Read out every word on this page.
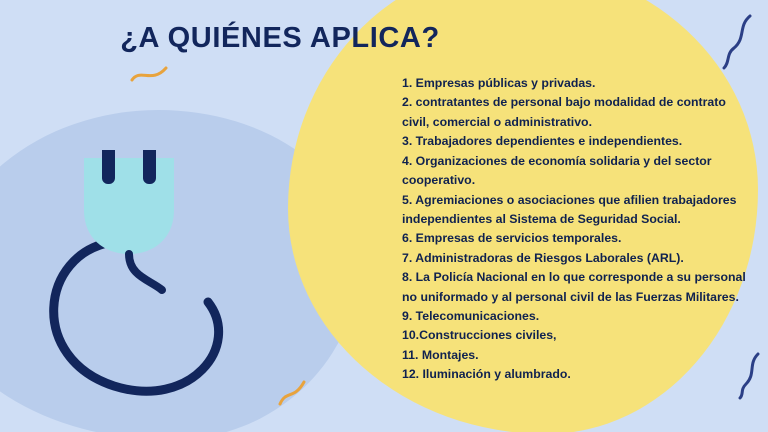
¿A QUIÉNES APLICA?

1. Empresas públicas y privadas.

2. contratantes de personal bajo modalidad de contrato civil, comercial o administrativo.

3. Trabajadores dependientes e independientes.

4. Organizaciones de economía solidaria y del sector cooperativo.

5. Agremiaciones o asociaciones que afilien trabajadores independientes al Sistema de Seguridad Social.

6. Empresas de servicios temporales.

7. Administradoras de Riesgos Laborales (ARL).

8. La Policía Nacional en lo que corresponde a su personal no uniformado y al personal civil de las Fuerzas Militares.

9. Telecomunicaciones.

10.Construcciones civiles,

11. Montajes.

12. Iluminación y alumbrado.
